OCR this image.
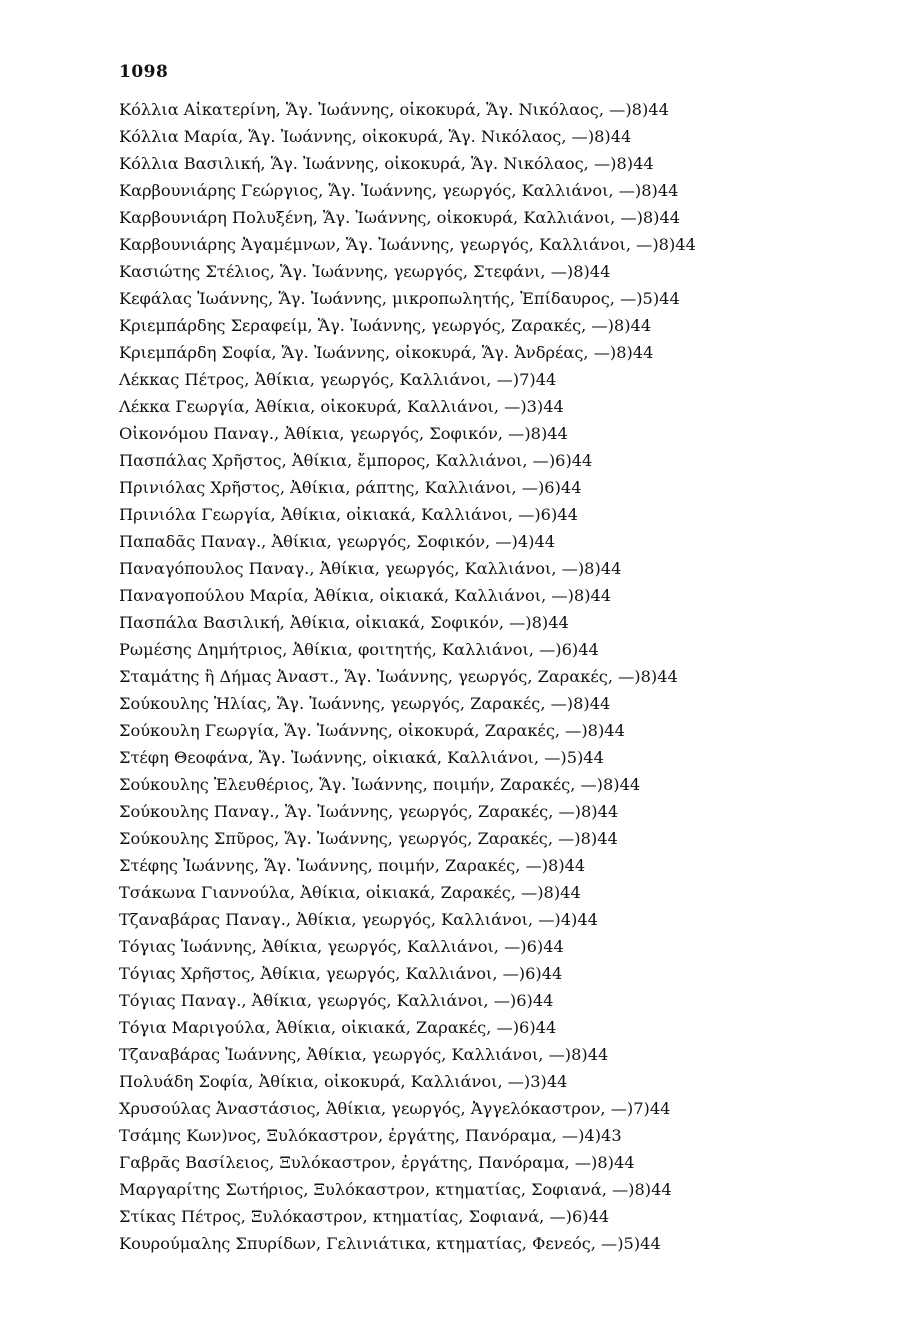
1098
Κόλλια Αἰκατερίνη, Ἅγ. Ἰωάννης, οἰκοκυρά, Ἅγ. Νικόλαος, —)8)44
Κόλλια Μαρία, Ἅγ. Ἰωάννης, οἰκοκυρά, Ἅγ. Νικόλαος, —)8)44
Κόλλια Βασιλική, Ἅγ. Ἰωάννης, οἰκοκυρά, Ἅγ. Νικόλαος, —)8)44
Καρβουνιάρης Γεώργιος, Ἅγ. Ἰωάννης, γεωργός, Καλλιάνοι, —)8)44
Καρβουνιάρη Πολυξένη, Ἅγ. Ἰωάννης, οἰκοκυρά, Καλλιάνοι, —)8)44
Καρβουνιάρης Ἀγαμέμνων, Ἅγ. Ἰωάννης, γεωργός, Καλλιάνοι, —)8)44
Κασιώτης Στέλιος, Ἅγ. Ἰωάννης, γεωργός, Στεφάνι, —)8)44
Κεφάλας Ἰωάννης, Ἅγ. Ἰωάννης, μικροπωλητής, Ἐπίδαυρος, —)5)44
Κριεμπάρδης Σεραφείμ, Ἅγ. Ἰωάννης, γεωργός, Ζαρακές, —)8)44
Κριεμπάρδη Σοφία, Ἅγ. Ἰωάννης, οἰκοκυρά, Ἅγ. Ἀνδρέας, —)8)44
Λέκκας Πέτρος, Ἀθίκια, γεωργός, Καλλιάνοι, —)7)44
Λέκκα Γεωργία, Ἀθίκια, οἰκοκυρά, Καλλιάνοι, —)3)44
Οἰκονόμου Παναγ., Ἀθίκια, γεωργός, Σοφικόν, —)8)44
Πασπάλας Χρῆστος, Ἀθίκια, ἔμπορος, Καλλιάνοι, —)6)44
Πρινιόλας Χρῆστος, Ἀθίκια, ράπτης, Καλλιάνοι, —)6)44
Πρινιόλα Γεωργία, Ἀθίκια, οἰκιακά, Καλλιάνοι, —)6)44
Παπαδᾶς Παναγ., Ἀθίκια, γεωργός, Σοφικόν, —)4)44
Παναγόπουλος Παναγ., Ἀθίκια, γεωργός, Καλλιάνοι, —)8)44
Παναγοπούλου Μαρία, Ἀθίκια, οἰκιακά, Καλλιάνοι, —)8)44
Πασπάλα Βασιλική, Ἀθίκια, οἰκιακά, Σοφικόν, —)8)44
Ρωμέσης Δημήτριος, Ἀθίκια, φοιτητής, Καλλιάνοι, —)6)44
Σταμάτης ἢ Δήμας Ἀναστ., Ἅγ. Ἰωάννης, γεωργός, Ζαρακές, —)8)44
Σούκουλης Ἠλίας, Ἅγ. Ἰωάννης, γεωργός, Ζαρακές, —)8)44
Σούκουλη Γεωργία, Ἅγ. Ἰωάννης, οἰκοκυρά, Ζαρακές, —)8)44
Στέφη Θεοφάνα, Ἅγ. Ἰωάννης, οἰκιακά, Καλλιάνοι, —)5)44
Σούκουλης Ἐλευθέριος, Ἅγ. Ἰωάννης, ποιμήν, Ζαρακές, —)8)44
Σούκουλης Παναγ., Ἅγ. Ἰωάννης, γεωργός, Ζαρακές, —)8)44
Σούκουλης Σπῦρος, Ἅγ. Ἰωάννης, γεωργός, Ζαρακές, —)8)44
Στέφης Ἰωάννης, Ἅγ. Ἰωάννης, ποιμήν, Ζαρακές, —)8)44
Τσάκωνα Γιαννούλα, Ἀθίκια, οἰκιακά, Ζαρακές, —)8)44
Τζαναβάρας Παναγ., Ἀθίκια, γεωργός, Καλλιάνοι, —)4)44
Τόγιας Ἰωάννης, Ἀθίκια, γεωργός, Καλλιάνοι, —)6)44
Τόγιας Χρῆστος, Ἀθίκια, γεωργός, Καλλιάνοι, —)6)44
Τόγιας Παναγ., Ἀθίκια, γεωργός, Καλλιάνοι, —)6)44
Τόγια Μαριγούλα, Ἀθίκια, οἰκιακά, Ζαρακές, —)6)44
Τζαναβάρας Ἰωάννης, Ἀθίκια, γεωργός, Καλλιάνοι, —)8)44
Πολυάδη Σοφία, Ἀθίκια, οἰκοκυρά, Καλλιάνοι, —)3)44
Χρυσούλας Ἀναστάσιος, Ἀθίκια, γεωργός, Ἀγγελόκαστρον, —)7)44
Τσάμης Κων)νος, Ξυλόκαστρον, ἐργάτης, Πανόραμα, —)4)43
Γαβρᾶς Βασίλειος, Ξυλόκαστρον, ἐργάτης, Πανόραμα, —)8)44
Μαργαρίτης Σωτήριος, Ξυλόκαστρον, κτηματίας, Σοφιανά, —)8)44
Στίκας Πέτρος, Ξυλόκαστρον, κτηματίας, Σοφιανά, —)6)44
Κουρούμαλης Σπυρίδων, Γελινιάτικα, κτηματίας, Φενεός, —)5)44
